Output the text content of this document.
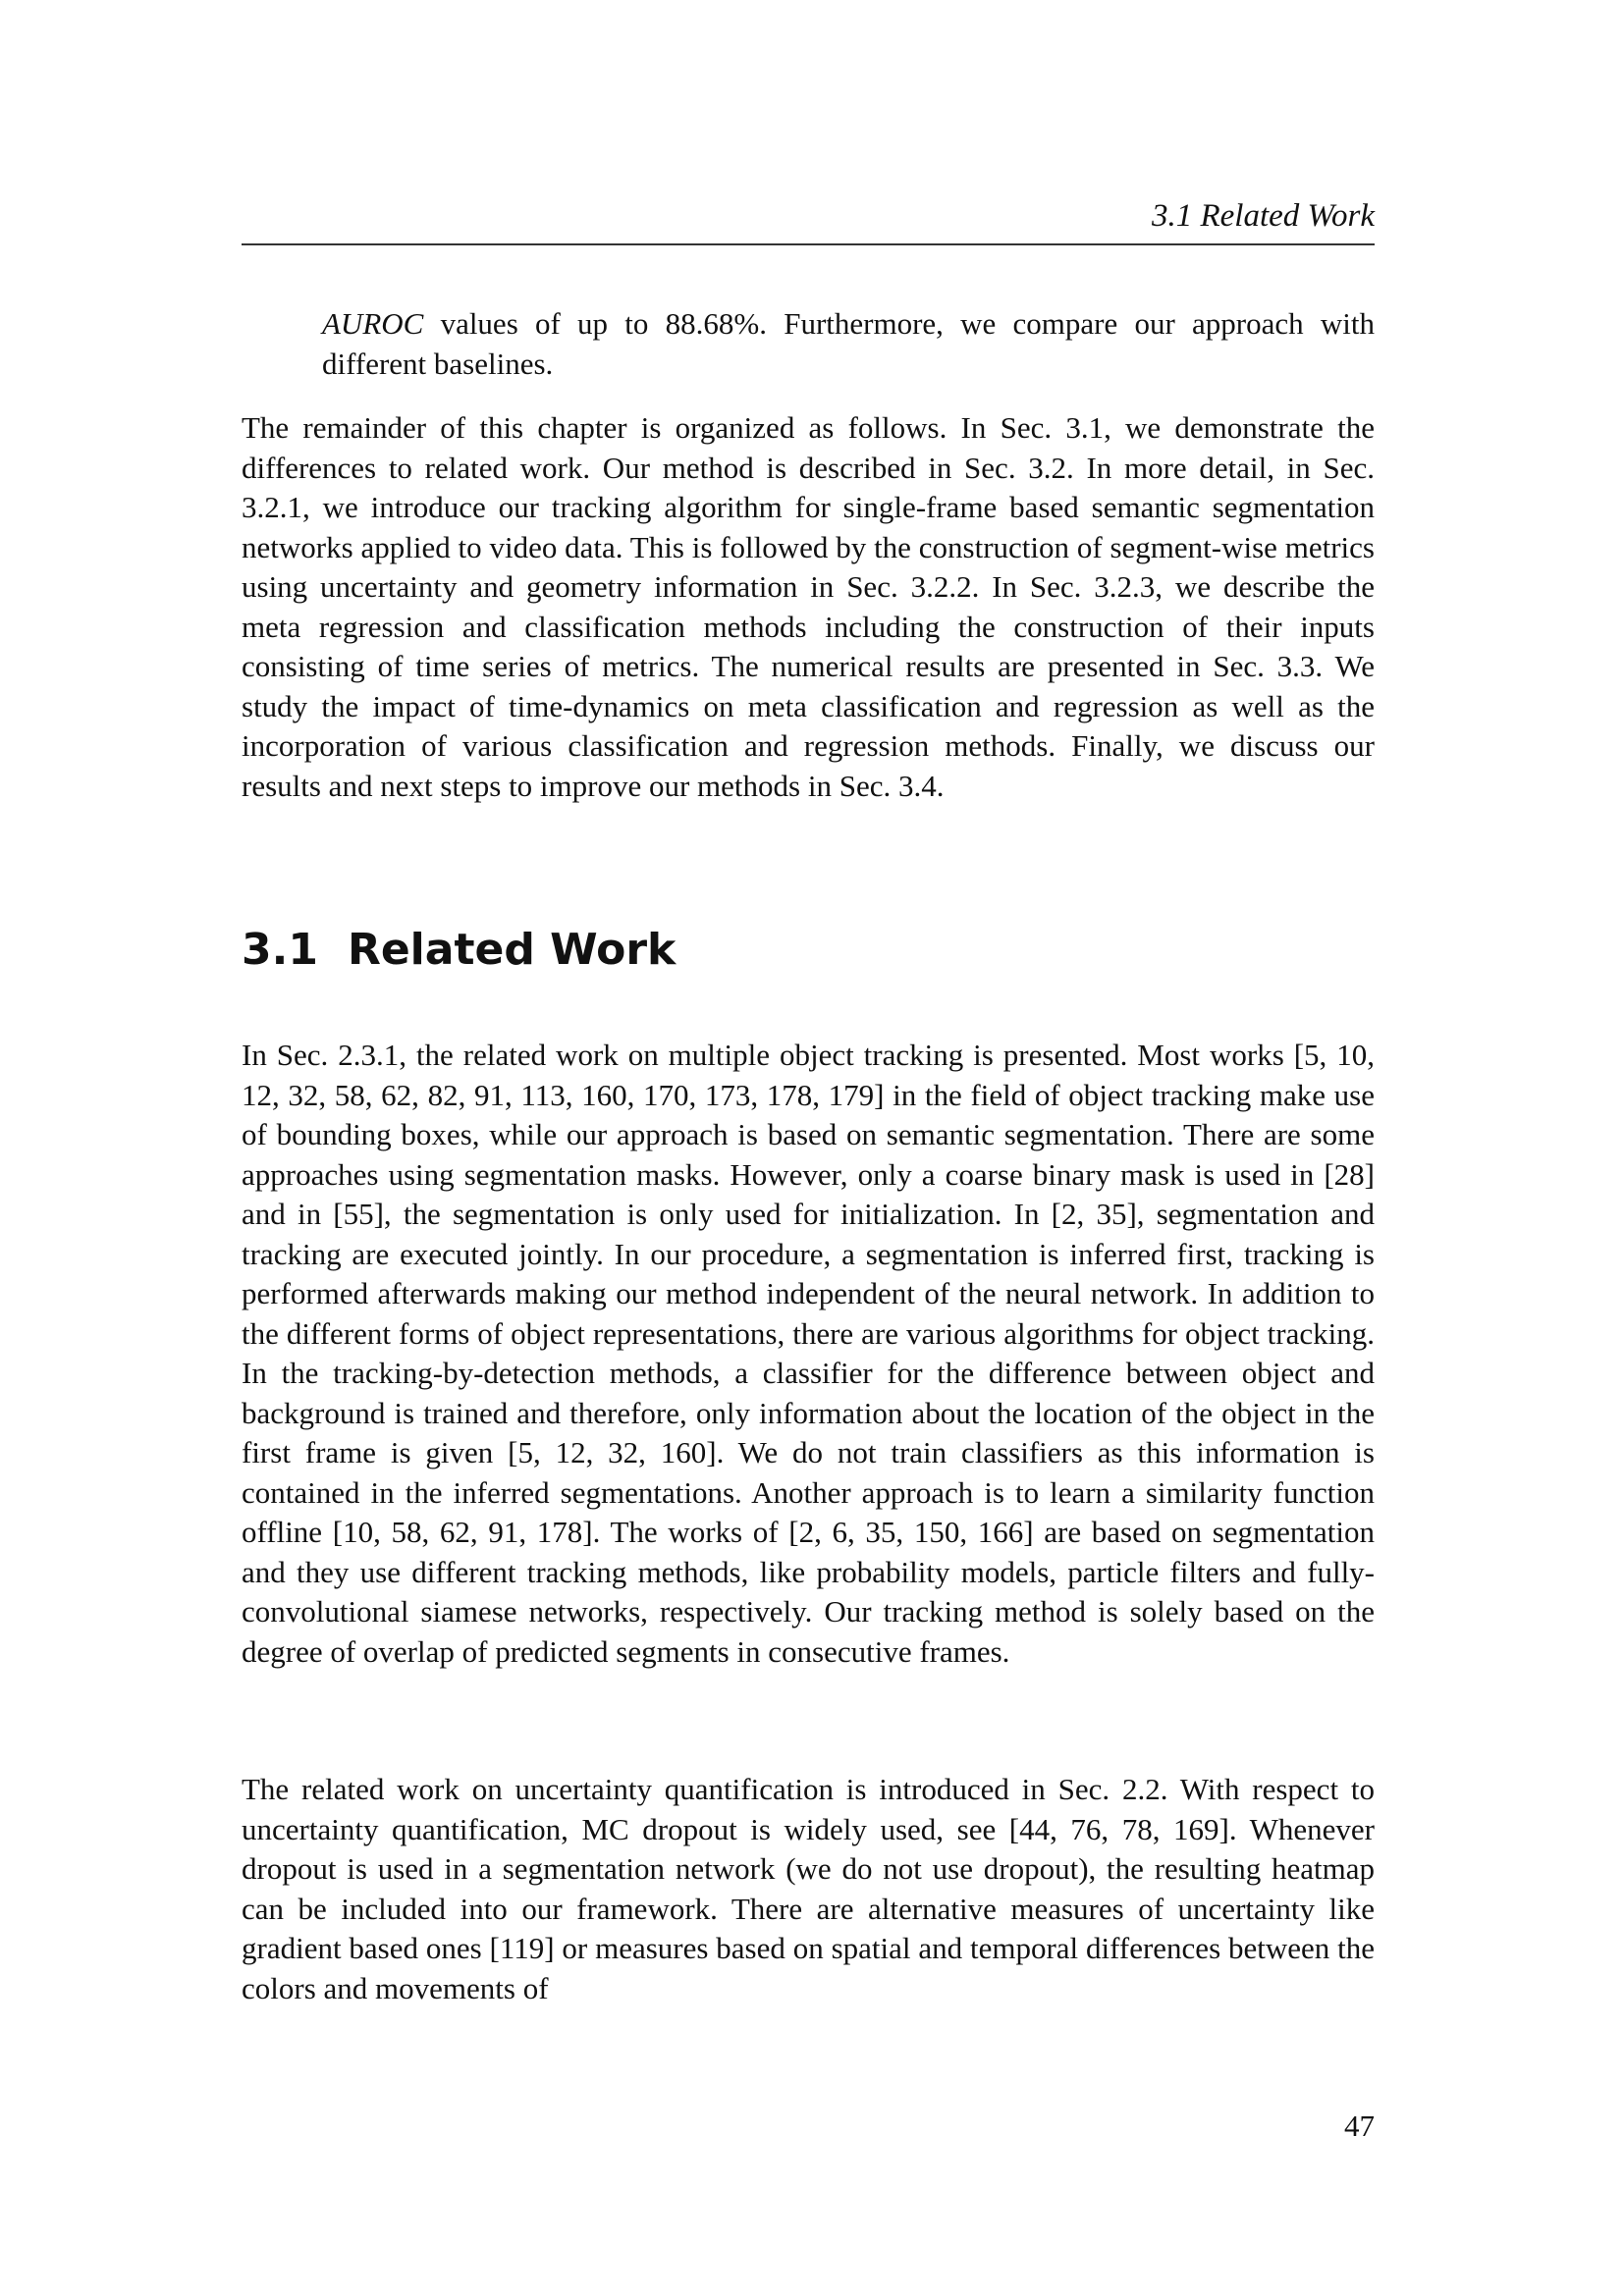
3.1 Related Work

AUROC values of up to 88.68%. Furthermore, we compare our approach with different baselines.

The remainder of this chapter is organized as follows. In Sec. 3.1, we demonstrate the differences to related work. Our method is described in Sec. 3.2. In more detail, in Sec. 3.2.1, we introduce our tracking algorithm for single-frame based semantic segmentation networks applied to video data. This is followed by the construction of segment-wise metrics using uncertainty and geometry information in Sec. 3.2.2. In Sec. 3.2.3, we describe the meta regression and classification methods including the construction of their inputs consisting of time series of metrics. The numerical results are presented in Sec. 3.3. We study the impact of time-dynamics on meta classification and regression as well as the incorporation of various classification and regression methods. Finally, we discuss our results and next steps to improve our methods in Sec. 3.4.

3.1 Related Work

In Sec. 2.3.1, the related work on multiple object tracking is presented. Most works [5, 10, 12, 32, 58, 62, 82, 91, 113, 160, 170, 173, 178, 179] in the field of object tracking make use of bounding boxes, while our approach is based on semantic segmentation. There are some approaches using segmentation masks. However, only a coarse binary mask is used in [28] and in [55], the segmentation is only used for initialization. In [2, 35], segmentation and tracking are executed jointly. In our procedure, a segmentation is inferred first, tracking is performed afterwards making our method independent of the neural network. In addition to the different forms of object representations, there are various algorithms for object tracking. In the tracking-by-detection methods, a classifier for the difference between object and background is trained and therefore, only information about the location of the object in the first frame is given [5, 12, 32, 160]. We do not train classifiers as this information is contained in the inferred segmentations. Another approach is to learn a similarity function offline [10, 58, 62, 91, 178]. The works of [2, 6, 35, 150, 166] are based on segmentation and they use different tracking methods, like probability models, particle filters and fully-convolutional siamese networks, respectively. Our tracking method is solely based on the degree of overlap of predicted segments in consecutive frames.

The related work on uncertainty quantification is introduced in Sec. 2.2. With respect to uncertainty quantification, MC dropout is widely used, see [44, 76, 78, 169]. Whenever dropout is used in a segmentation network (we do not use dropout), the resulting heatmap can be included into our framework. There are alternative measures of uncertainty like gradient based ones [119] or measures based on spatial and temporal differences between the colors and movements of

47
